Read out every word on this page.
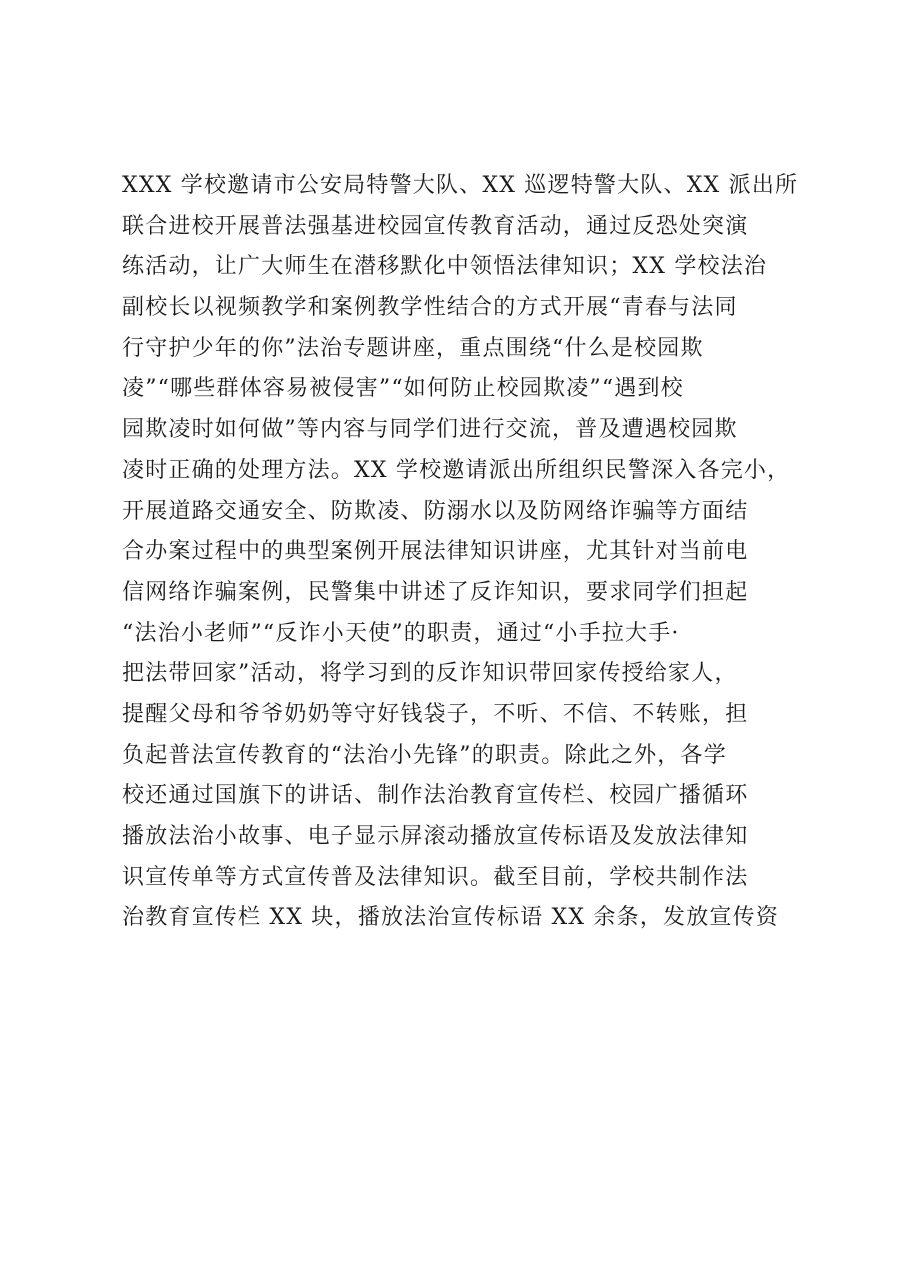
XXX 学校邀请市公安局特警大队、XX 巡逻特警大队、XX 派出所
联合进校开展普法强基进校园宣传教育活动，通过反恐处突演
练活动，让广大师生在潜移默化中领悟法律知识；XX 学校法治
副校长以视频教学和案例教学性结合的方式开展“青春与法同
行守护少年的你”法治专题讲座，重点围绕“什么是校园欺
凌”“哪些群体容易被侵害”“如何防止校园欺凌”“遇到校
园欺凌时如何做”等内容与同学们进行交流，普及遭遇校园欺
凌时正确的处理方法。XX 学校邀请派出所组织民警深入各完小，
开展道路交通安全、防欺凌、防溺水以及防网络诈骗等方面结
合办案过程中的典型案例开展法律知识讲座，尤其针对当前电
信网络诈骗案例，民警集中讲述了反诈知识，要求同学们担起
“法治小老师”“反诈小天使”的职责，通过“小手拉大手·
把法带回家”活动，将学习到的反诈知识带回家传授给家人，
提醒父母和爷爷奶奶等守好钱袋子，不听、不信、不转账，担
负起普法宣传教育的“法治小先锋”的职责。除此之外，各学
校还通过国旗下的讲话、制作法治教育宣传栏、校园广播循环
播放法治小故事、电子显示屏滚动播放宣传标语及发放法律知
识宣传单等方式宣传普及法律知识。截至目前，学校共制作法
治教育宣传栏 XX 块，播放法治宣传标语 XX 余条，发放宣传资
